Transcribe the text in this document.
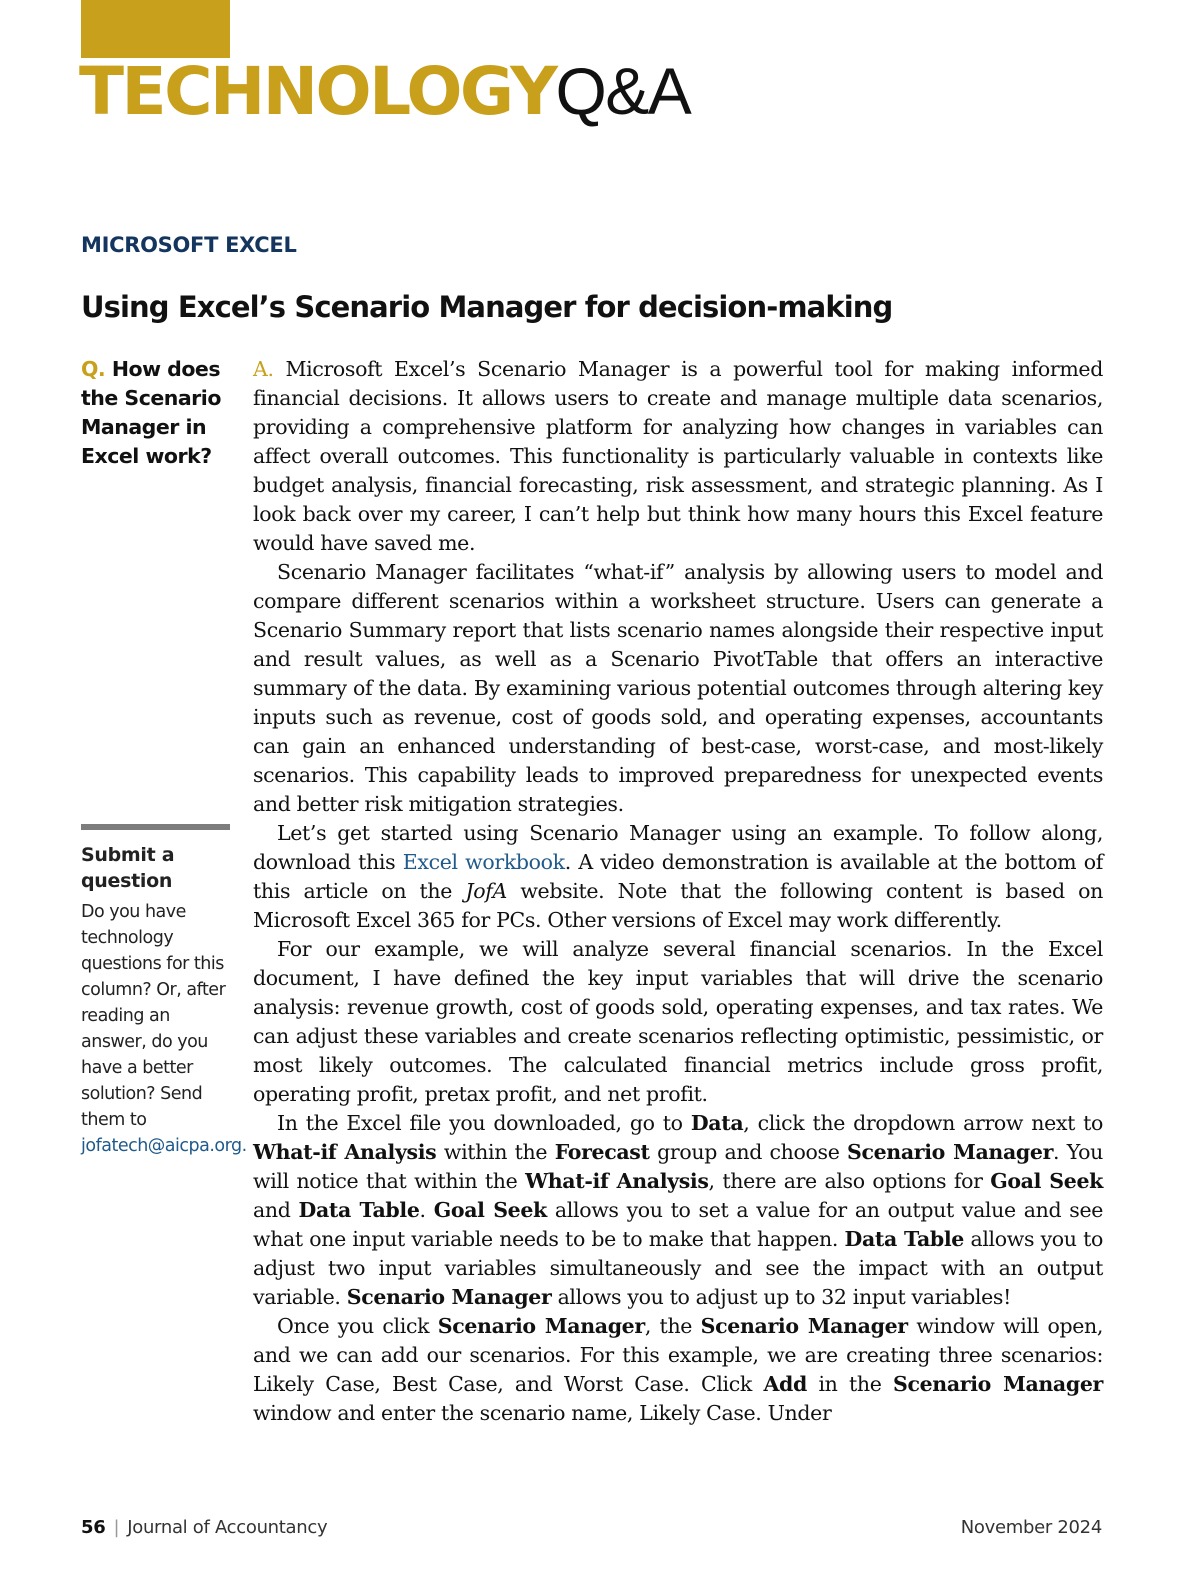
TECHNOLOGYQ&A
MICROSOFT EXCEL
Using Excel’s Scenario Manager for decision-making
Q. How does the Scenario Manager in Excel work?
Submit a question
Do you have technology questions for this column? Or, after reading an answer, do you have a better solution? Send them to jofatech@aicpa.org.

A. Microsoft Excel’s Scenario Manager is a powerful tool for making informed financial decisions. It allows users to create and manage multiple data scenarios, providing a comprehensive platform for analyzing how changes in variables can affect overall outcomes. This functionality is particularly valuable in contexts like budget analysis, financial forecasting, risk assessment, and strategic planning. As I look back over my career, I can’t help but think how many hours this Excel feature would have saved me.

Scenario Manager facilitates “what-if” analysis by allowing users to model and compare different scenarios within a worksheet structure. Users can generate a Scenario Summary report that lists scenario names alongside their respective input and result values, as well as a Scenario PivotTable that offers an interactive summary of the data. By examining various potential outcomes through altering key inputs such as revenue, cost of goods sold, and operating expenses, accountants can gain an enhanced understanding of best-case, worst-case, and most-likely scenarios. This capability leads to improved preparedness for unexpected events and better risk mitigation strategies.

Let’s get started using Scenario Manager using an example. To follow along, download this Excel workbook. A video demonstration is available at the bottom of this article on the JofA website. Note that the following content is based on Microsoft Excel 365 for PCs. Other versions of Excel may work differently.

For our example, we will analyze several financial scenarios. In the Excel document, I have defined the key input variables that will drive the scenario analysis: revenue growth, cost of goods sold, operating expenses, and tax rates. We can adjust these variables and create scenarios reflecting optimistic, pessimistic, or most likely outcomes. The calculated financial metrics include gross profit, operating profit, pretax profit, and net profit.

In the Excel file you downloaded, go to Data, click the dropdown arrow next to What-if Analysis within the Forecast group and choose Scenario Manager. You will notice that within the What-if Analysis, there are also options for Goal Seek and Data Table. Goal Seek allows you to set a value for an output value and see what one input variable needs to be to make that happen. Data Table allows you to adjust two input variables simultaneously and see the impact with an output variable. Scenario Manager allows you to adjust up to 32 input variables!

Once you click Scenario Manager, the Scenario Manager window will open, and we can add our scenarios. For this example, we are creating three scenarios: Likely Case, Best Case, and Worst Case. Click Add in the Scenario Manager window and enter the scenario name, Likely Case. Under

56 | Journal of Accountancy	November 2024
